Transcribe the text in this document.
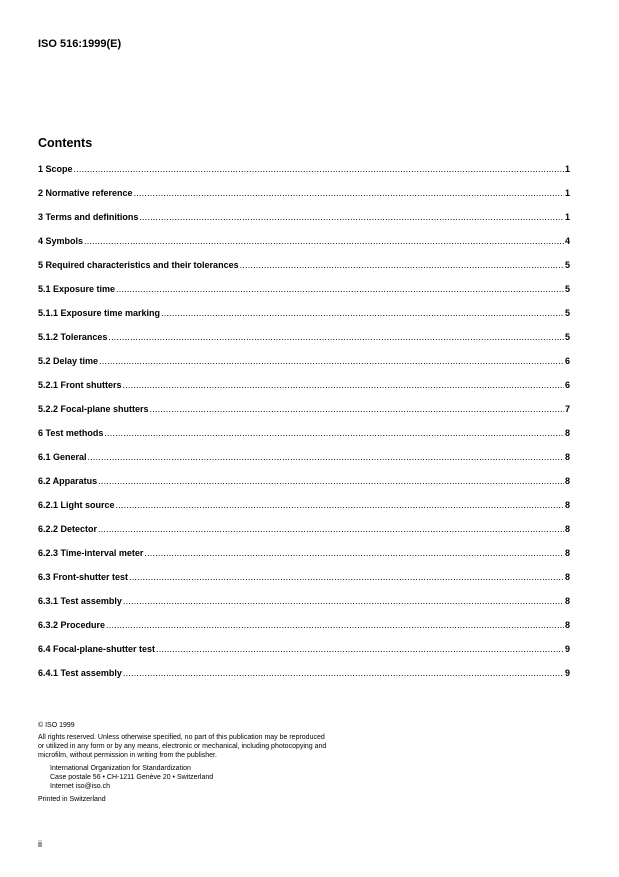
ISO 516:1999(E)
Contents
1 Scope .....	1
2 Normative reference .....	1
3 Terms and definitions .....	1
4 Symbols .....	4
5 Required characteristics and their tolerances .....	5
5.1 Exposure time .....	5
5.1.1 Exposure time marking .....	5
5.1.2 Tolerances .....	5
5.2 Delay time .....	6
5.2.1 Front shutters .....	6
5.2.2 Focal-plane shutters .....	7
6 Test methods .....	8
6.1 General .....	8
6.2 Apparatus .....	8
6.2.1 Light source .....	8
6.2.2 Detector .....	8
6.2.3 Time-interval meter .....	8
6.3 Front-shutter test .....	8
6.3.1 Test assembly .....	8
6.3.2 Procedure .....	8
6.4 Focal-plane-shutter test .....	9
6.4.1 Test assembly .....	9

© ISO 1999

All rights reserved. Unless otherwise specified, no part of this publication may be reproduced

or utilized in any form or by any means, electronic or mechanical, including photocopying and

microfilm, without permission in writing from the publisher.

International Organization for Standardization

Case postale 56 • CH-1211 Genève 20 • Switzerland

Internet iso@iso.ch

Printed in Switzerland

ii
